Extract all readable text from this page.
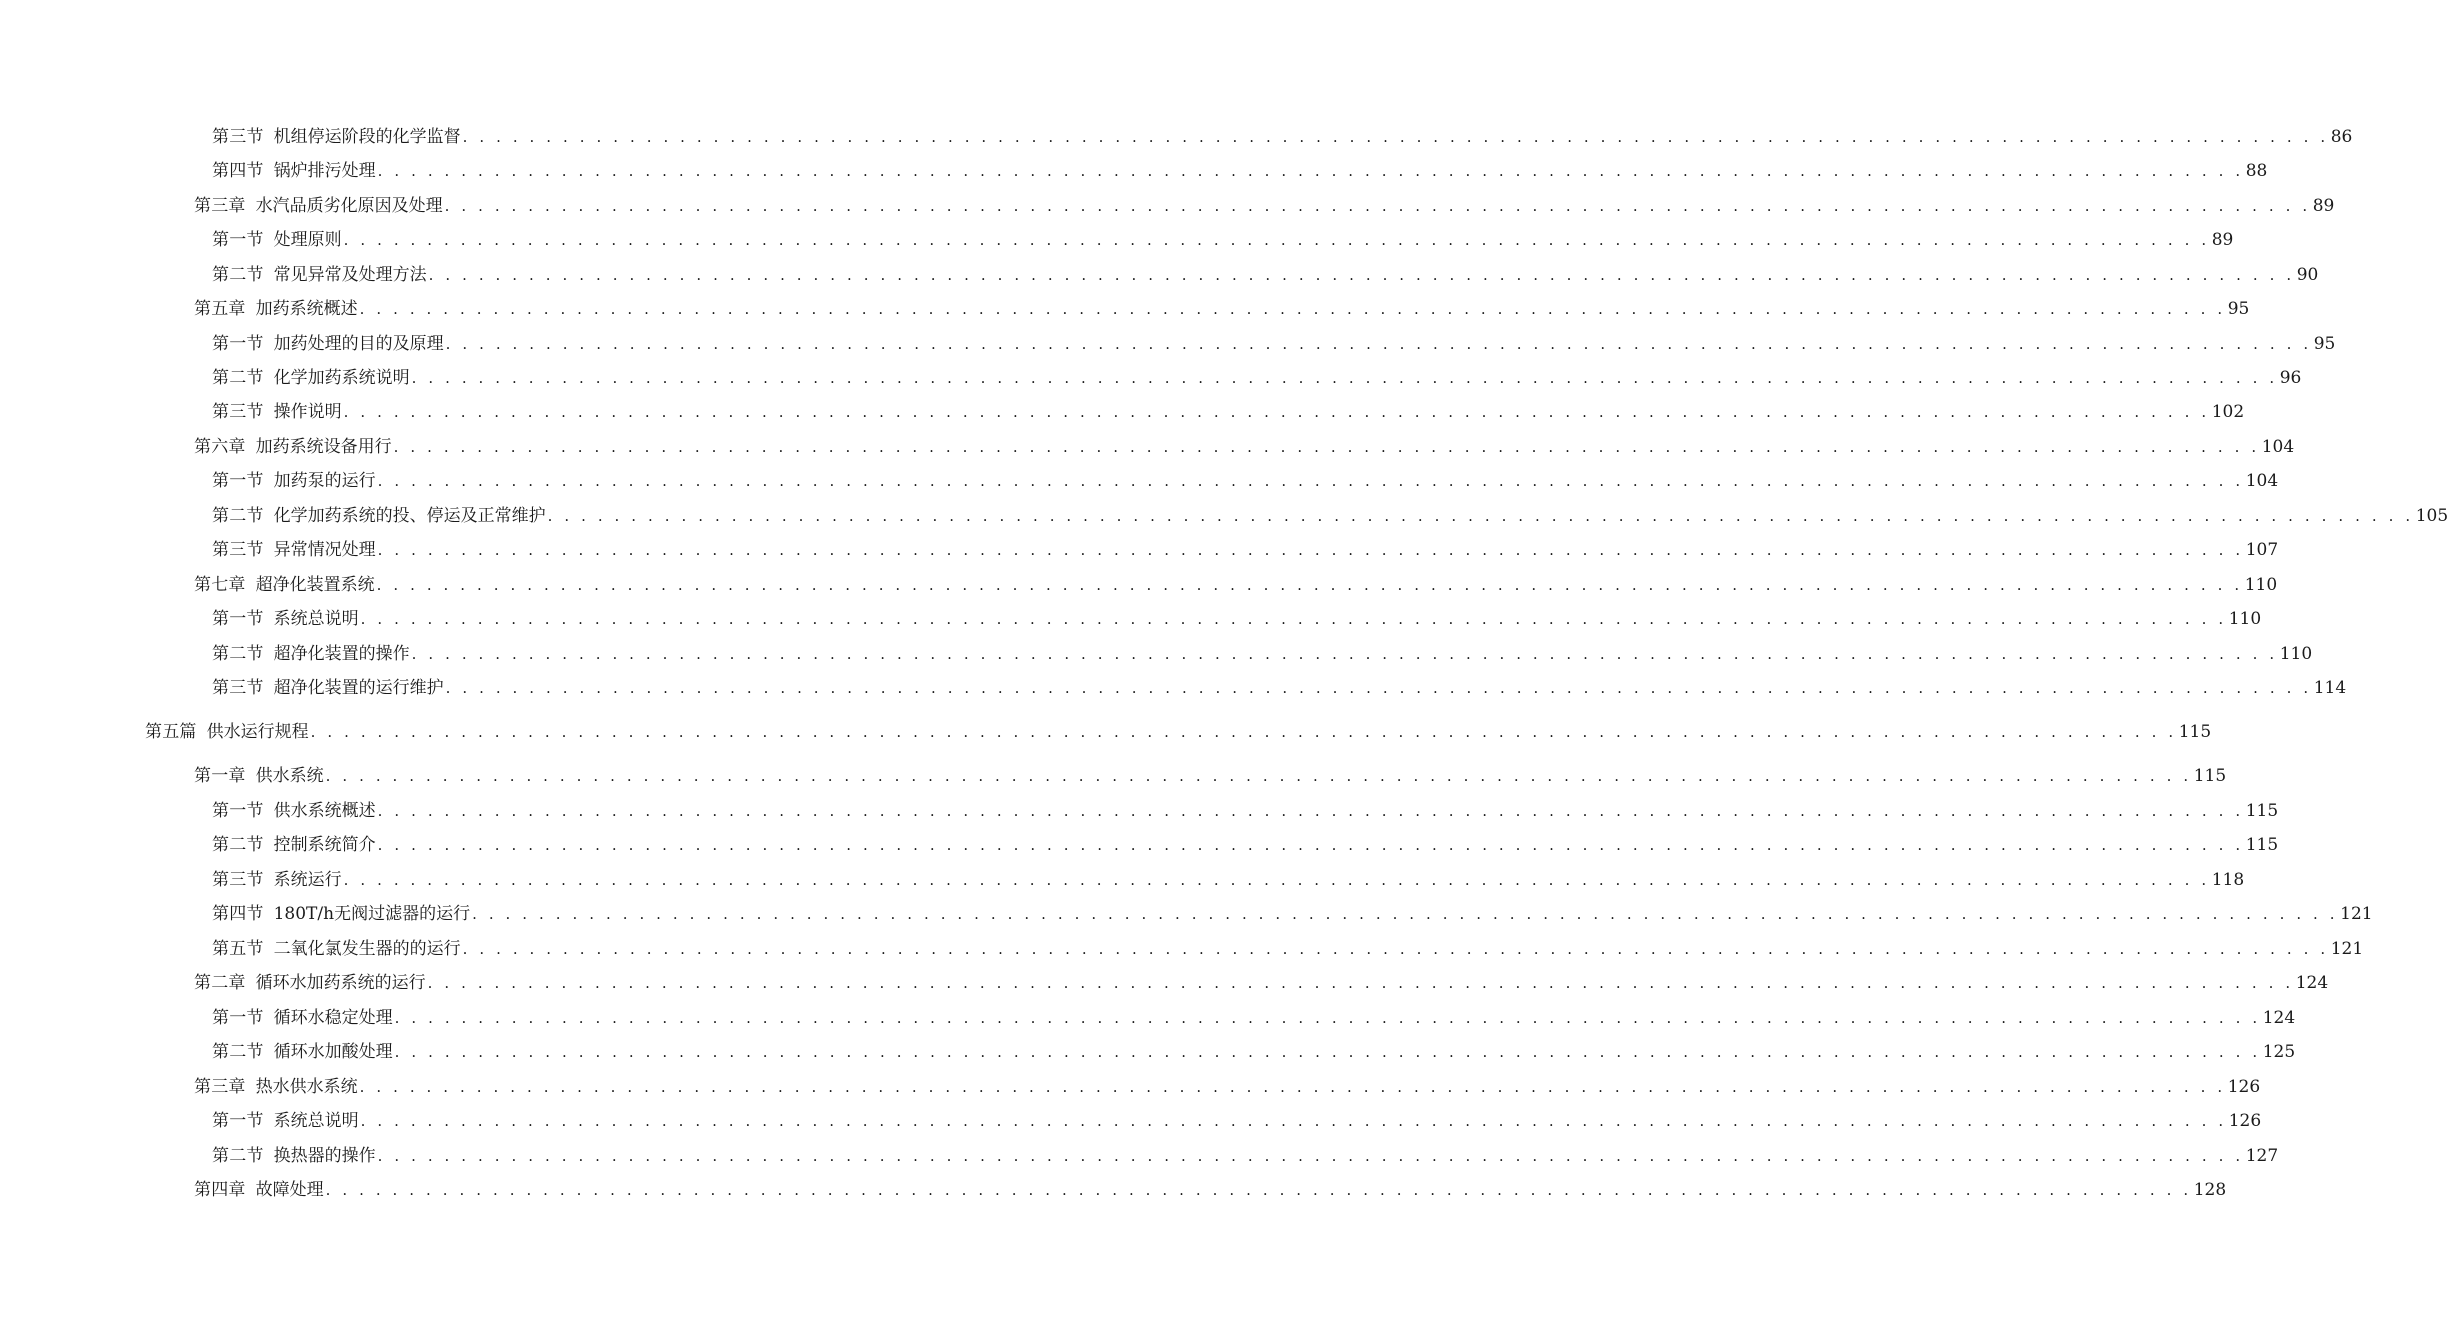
第三节 机组停运阶段的化学监督 . . . . . . . . . . . . . . . . . . . . . . . . . . . . . . . . . . . . . . . . . . . . . . . . . . . . . . . . . . . . . . . . . . . . . . . . . . . . . . . . . . . . . . . . . . . . . . . . . . . . . . . . . . . . . . . . 86
第四节 锅炉排污处理 . . . . . . . . . . . . . . . . . . . . . . . . . . . . . . . . . . . . . . . . . . . . . . . . . . . . . . . . . . . . . . . . . . . . . . . . . . . . . . . . . . . . . . . . . . . . . . . . . . . . . . . . . . . . . . . . 88
第三章 水汽品质劣化原因及处理 . . . . . . . . . . . . . . . . . . . . . . . . . . . . . . . . . . . . . . . . . . . . . . . . . . . . . . . . . . . . . . . . . . . . . . . . . . . . . . . . . . . . . . . . . . . . . . . . . . . . . . . . . . . . . . . . 89
第一节 处理原则 . . . . . . . . . . . . . . . . . . . . . . . . . . . . . . . . . . . . . . . . . . . . . . . . . . . . . . . . . . . . . . . . . . . . . . . . . . . . . . . . . . . . . . . . . . . . . . . . . . . . . . . . . . . . . . . . 89
第二节 常见异常及处理方法 . . . . . . . . . . . . . . . . . . . . . . . . . . . . . . . . . . . . . . . . . . . . . . . . . . . . . . . . . . . . . . . . . . . . . . . . . . . . . . . . . . . . . . . . . . . . . . . . . . . . . . . . . . . . . . . . 90
第五章 加药系统概述 . . . . . . . . . . . . . . . . . . . . . . . . . . . . . . . . . . . . . . . . . . . . . . . . . . . . . . . . . . . . . . . . . . . . . . . . . . . . . . . . . . . . . . . . . . . . . . . . . . . . . . . . . . . . . . . . 95
第一节 加药处理的目的及原理 . . . . . . . . . . . . . . . . . . . . . . . . . . . . . . . . . . . . . . . . . . . . . . . . . . . . . . . . . . . . . . . . . . . . . . . . . . . . . . . . . . . . . . . . . . . . . . . . . . . . . . . . . . . . . . . . 95
第二节 化学加药系统说明 . . . . . . . . . . . . . . . . . . . . . . . . . . . . . . . . . . . . . . . . . . . . . . . . . . . . . . . . . . . . . . . . . . . . . . . . . . . . . . . . . . . . . . . . . . . . . . . . . . . . . . . . . . . . . . . . 96
第三节 操作说明 . . . . . . . . . . . . . . . . . . . . . . . . . . . . . . . . . . . . . . . . . . . . . . . . . . . . . . . . . . . . . . . . . . . . . . . . . . . . . . . . . . . . . . . . . . . . . . . . . . . . . . . . . . . . . . . . 102
第六章 加药系统设备用行 . . . . . . . . . . . . . . . . . . . . . . . . . . . . . . . . . . . . . . . . . . . . . . . . . . . . . . . . . . . . . . . . . . . . . . . . . . . . . . . . . . . . . . . . . . . . . . . . . . . . . . . . . . . . . . . . 104
第一节 加药泵的运行 . . . . . . . . . . . . . . . . . . . . . . . . . . . . . . . . . . . . . . . . . . . . . . . . . . . . . . . . . . . . . . . . . . . . . . . . . . . . . . . . . . . . . . . . . . . . . . . . . . . . . . . . . . . . . . . . 104
第二节 化学加药系统的投、停运及正常维护 . . . . . . . . . . . . . . . . . . . . . . . . . . . . . . . . . . . . . . . . . . . . . . . . . . . . . . . . . . . . . . . . . . . . . . . . . . . . . . . . . . . . . . . . . . . . . . . . . . . . . . . . . . . . . . . . 105
第三节 异常情况处理 . . . . . . . . . . . . . . . . . . . . . . . . . . . . . . . . . . . . . . . . . . . . . . . . . . . . . . . . . . . . . . . . . . . . . . . . . . . . . . . . . . . . . . . . . . . . . . . . . . . . . . . . . . . . . . . . 107
第七章 超净化装置系统 . . . . . . . . . . . . . . . . . . . . . . . . . . . . . . . . . . . . . . . . . . . . . . . . . . . . . . . . . . . . . . . . . . . . . . . . . . . . . . . . . . . . . . . . . . . . . . . . . . . . . . . . . . . . . . . . 110
第一节 系统总说明 . . . . . . . . . . . . . . . . . . . . . . . . . . . . . . . . . . . . . . . . . . . . . . . . . . . . . . . . . . . . . . . . . . . . . . . . . . . . . . . . . . . . . . . . . . . . . . . . . . . . . . . . . . . . . . . . 110
第二节 超净化装置的操作 . . . . . . . . . . . . . . . . . . . . . . . . . . . . . . . . . . . . . . . . . . . . . . . . . . . . . . . . . . . . . . . . . . . . . . . . . . . . . . . . . . . . . . . . . . . . . . . . . . . . . . . . . . . . . . . . 110
第三节 超净化装置的运行维护 . . . . . . . . . . . . . . . . . . . . . . . . . . . . . . . . . . . . . . . . . . . . . . . . . . . . . . . . . . . . . . . . . . . . . . . . . . . . . . . . . . . . . . . . . . . . . . . . . . . . . . . . . . . . . . . . 114
第五篇 供水运行规程 . . . . . . . . . . . . . . . . . . . . . . . . . . . . . . . . . . . . . . . . . . . . . . . . . . . . . . . . . . . . . . . . . . . . . . . . . . . . . . . . . . . . . . . . . . . . . . . . . . . . . . . . . . . . . . . . 115
第一章 供水系统 . . . . . . . . . . . . . . . . . . . . . . . . . . . . . . . . . . . . . . . . . . . . . . . . . . . . . . . . . . . . . . . . . . . . . . . . . . . . . . . . . . . . . . . . . . . . . . . . . . . . . . . . . . . . . . . . 115
第一节 供水系统概述 . . . . . . . . . . . . . . . . . . . . . . . . . . . . . . . . . . . . . . . . . . . . . . . . . . . . . . . . . . . . . . . . . . . . . . . . . . . . . . . . . . . . . . . . . . . . . . . . . . . . . . . . . . . . . . . . 115
第二节 控制系统简介 . . . . . . . . . . . . . . . . . . . . . . . . . . . . . . . . . . . . . . . . . . . . . . . . . . . . . . . . . . . . . . . . . . . . . . . . . . . . . . . . . . . . . . . . . . . . . . . . . . . . . . . . . . . . . . . . 115
第三节 系统运行 . . . . . . . . . . . . . . . . . . . . . . . . . . . . . . . . . . . . . . . . . . . . . . . . . . . . . . . . . . . . . . . . . . . . . . . . . . . . . . . . . . . . . . . . . . . . . . . . . . . . . . . . . . . . . . . . 118
第四节 180T/h无阀过滤器的运行 . . . . . . . . . . . . . . . . . . . . . . . . . . . . . . . . . . . . . . . . . . . . . . . . . . . . . . . . . . . . . . . . . . . . . . . . . . . . . . . . . . . . . . . . . . . . . . . . . . . . . . . . . . . . . . . . 121
第五节 二氧化氯发生器的的运行 . . . . . . . . . . . . . . . . . . . . . . . . . . . . . . . . . . . . . . . . . . . . . . . . . . . . . . . . . . . . . . . . . . . . . . . . . . . . . . . . . . . . . . . . . . . . . . . . . . . . . . . . . . . . . . . . 121
第二章 循环水加药系统的运行 . . . . . . . . . . . . . . . . . . . . . . . . . . . . . . . . . . . . . . . . . . . . . . . . . . . . . . . . . . . . . . . . . . . . . . . . . . . . . . . . . . . . . . . . . . . . . . . . . . . . . . . . . . . . . . . . 124
第一节 循环水稳定处理 . . . . . . . . . . . . . . . . . . . . . . . . . . . . . . . . . . . . . . . . . . . . . . . . . . . . . . . . . . . . . . . . . . . . . . . . . . . . . . . . . . . . . . . . . . . . . . . . . . . . . . . . . . . . . . . . 124
第二节 循环水加酸处理 . . . . . . . . . . . . . . . . . . . . . . . . . . . . . . . . . . . . . . . . . . . . . . . . . . . . . . . . . . . . . . . . . . . . . . . . . . . . . . . . . . . . . . . . . . . . . . . . . . . . . . . . . . . . . . . . 125
第三章 热水供水系统 . . . . . . . . . . . . . . . . . . . . . . . . . . . . . . . . . . . . . . . . . . . . . . . . . . . . . . . . . . . . . . . . . . . . . . . . . . . . . . . . . . . . . . . . . . . . . . . . . . . . . . . . . . . . . . . . 126
第一节 系统总说明 . . . . . . . . . . . . . . . . . . . . . . . . . . . . . . . . . . . . . . . . . . . . . . . . . . . . . . . . . . . . . . . . . . . . . . . . . . . . . . . . . . . . . . . . . . . . . . . . . . . . . . . . . . . . . . . . 126
第二节 换热器的操作 . . . . . . . . . . . . . . . . . . . . . . . . . . . . . . . . . . . . . . . . . . . . . . . . . . . . . . . . . . . . . . . . . . . . . . . . . . . . . . . . . . . . . . . . . . . . . . . . . . . . . . . . . . . . . . . . 127
第四章 故障处理 . . . . . . . . . . . . . . . . . . . . . . . . . . . . . . . . . . . . . . . . . . . . . . . . . . . . . . . . . . . . . . . . . . . . . . . . . . . . . . . . . . . . . . . . . . . . . . . . . . . . . . . . . . . . . . . . 128
